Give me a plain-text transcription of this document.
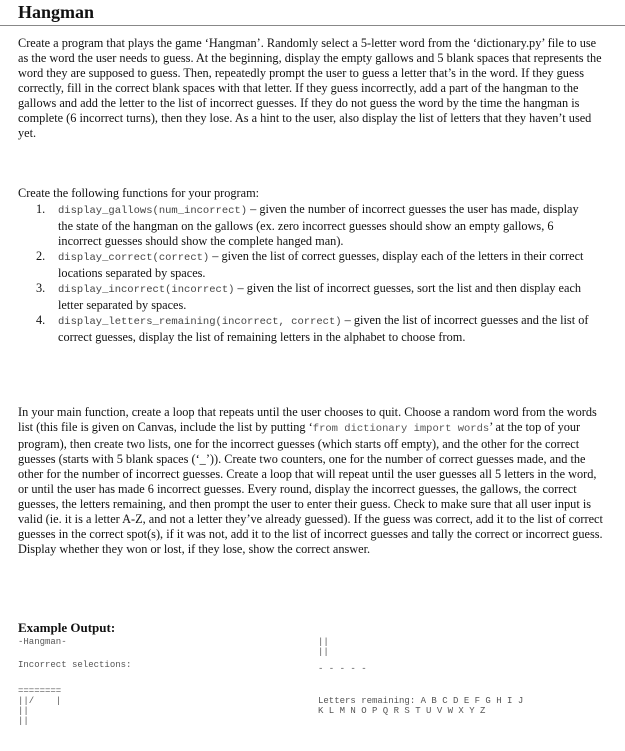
Hangman

Create a program that plays the game ‘Hangman’. Randomly select a 5-letter word from the ‘dictionary.py’ file to use as the word the user needs to guess. At the beginning, display the empty gallows and 5 blank spaces that represents the word they are supposed to guess. Then, repeatedly prompt the user to guess a letter that’s in the word. If they guess correctly, fill in the correct blank spaces with that letter. If they guess incorrectly, add a part of the hangman to the gallows and add the letter to the list of incorrect guesses. If they do not guess the word by the time the hangman is complete (6 incorrect turns), then they lose. As a hint to the user, also display the list of letters that they haven’t used yet.

Create the following functions for your program:

1. display_gallows(num_incorrect) – given the number of incorrect guesses the user has made, display the state of the hangman on the gallows (ex. zero incorrect guesses should show an empty gallows, 6 incorrect guesses should show the complete hanged man).
2. display_correct(correct) – given the list of correct guesses, display each of the letters in their correct locations separated by spaces.
3. display_incorrect(incorrect) – given the list of incorrect guesses, sort the list and then display each letter separated by spaces.
4. display_letters_remaining(incorrect, correct) – given the list of incorrect guesses and the list of correct guesses, display the list of remaining letters in the alphabet to choose from.

In your main function, create a loop that repeats until the user chooses to quit. Choose a random word from the words list (this file is given on Canvas, include the list by putting ‘from dictionary import words’ at the top of your program), then create two lists, one for the incorrect guesses (which starts off empty), and the other for the correct guesses (starts with 5 blank spaces (‘_’)). Create two counters, one for the number of correct guesses made, and the other for the number of incorrect guesses. Create a loop that will repeat until the user guesses all 5 letters in the word, or until the user has made 6 incorrect guesses. Every round, display the incorrect guesses, the gallows, the correct guesses, the letters remaining, and then prompt the user to enter their guess. Check to make sure that all user input is valid (ie. it is a letter A-Z, and not a letter they’ve already guessed). If the guess was correct, add it to the list of correct guesses in the correct spot(s), if it was not, add it to the list of incorrect guesses and tally the correct or incorrect guess. Display whether they won or lost, if they lose, show the correct answer.

Example Output:
-Hangman-
Incorrect selections:
========
||/    |
||
||
||
||
- - - - -
Letters remaining: A B C D E F G H I J
K L M N O P Q R S T U V W X Y Z
